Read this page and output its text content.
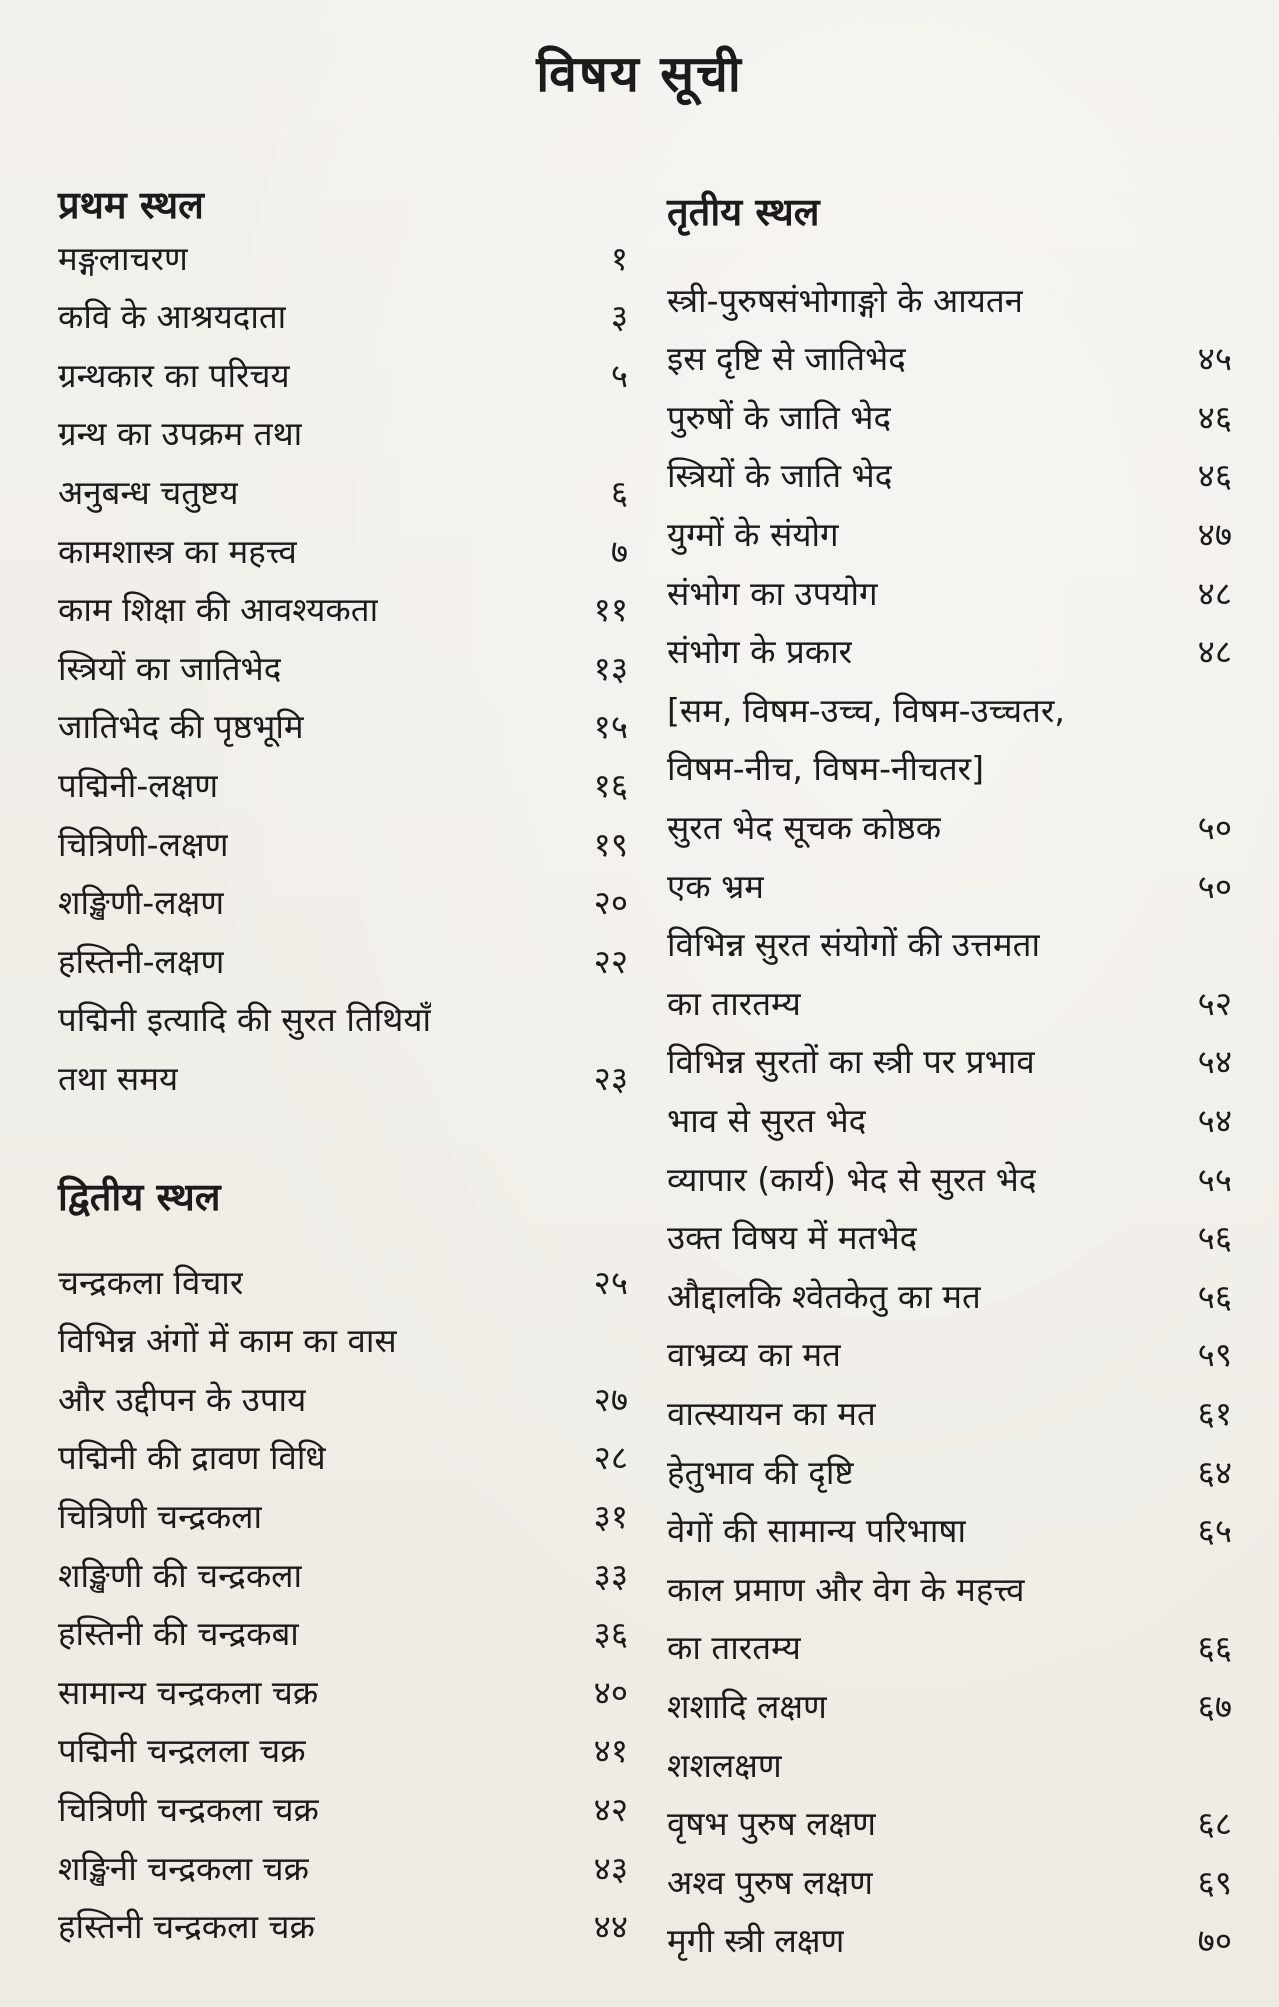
विषय सूची
प्रथम स्थल
मङ्गलाचरण	१
कवि के आश्रयदाता	३
ग्रन्थकार का परिचय	५
ग्रन्थ का उपक्रम तथा
अनुबन्ध चतुष्टय	६
कामशास्त्र का महत्त्व	७
काम शिक्षा की आवश्यकता	११
स्त्रियों का जातिभेद	१३
जातिभेद की पृष्ठभूमि	१५
पद्मिनी-लक्षण	१६
चित्रिणी-लक्षण	१९
शङ्खिणी-लक्षण	२०
हस्तिनी-लक्षण	२२
पद्मिनी इत्यादि की सुरत तिथियाँ
तथा समय	२३
द्वितीय स्थल
चन्द्रकला विचार	२५
विभिन्न अंगों में काम का वास
और उद्दीपन के उपाय	२७
पद्मिनी की द्रावण विधि	२८
चित्रिणी चन्द्रकला	३१
शङ्खिणी की चन्द्रकला	३३
हस्तिनी की चन्द्रकबा	३६
सामान्य चन्द्रकला चक्र	४०
पद्मिनी चन्द्रलला चक्र	४१
चित्रिणी चन्द्रकला चक्र	४२
शङ्खिनी चन्द्रकला चक्र	४३
हस्तिनी चन्द्रकला चक्र	४४
तृतीय स्थल
स्त्री-पुरुषसंभोगाङ्गो के आयतन
इस दृष्टि से जातिभेद	४५
पुरुषों के जाति भेद	४६
स्त्रियों के जाति भेद	४६
युग्मों के संयोग	४७
संभोग का उपयोग	४८
संभोग के प्रकार	४८
[सम, विषम-उच्च, विषम-उच्चतर,
विषम-नीच, विषम-नीचतर]
सुरत भेद सूचक कोष्ठक	५०
एक भ्रम	५०
विभिन्न सुरत संयोगों की उत्तमता
का तारतम्य	५२
विभिन्न सुरतों का स्त्री पर प्रभाव	५४
भाव से सुरत भेद	५४
व्यापार (कार्य) भेद से सुरत भेद	५५
उक्त विषय में मतभेद	५६
औद्दालकि श्वेतकेतु का मत	५६
वाभ्रव्य का मत	५९
वात्स्यायन का मत	६१
हेतुभाव की दृष्टि	६४
वेगों की सामान्य परिभाषा	६५
काल प्रमाण और वेग के महत्त्व
का तारतम्य	६६
शशादि लक्षण	६७
शशलक्षण
वृषभ पुरुष लक्षण	६८
अश्व पुरुष लक्षण	६९
मृगी स्त्री लक्षण	७०
